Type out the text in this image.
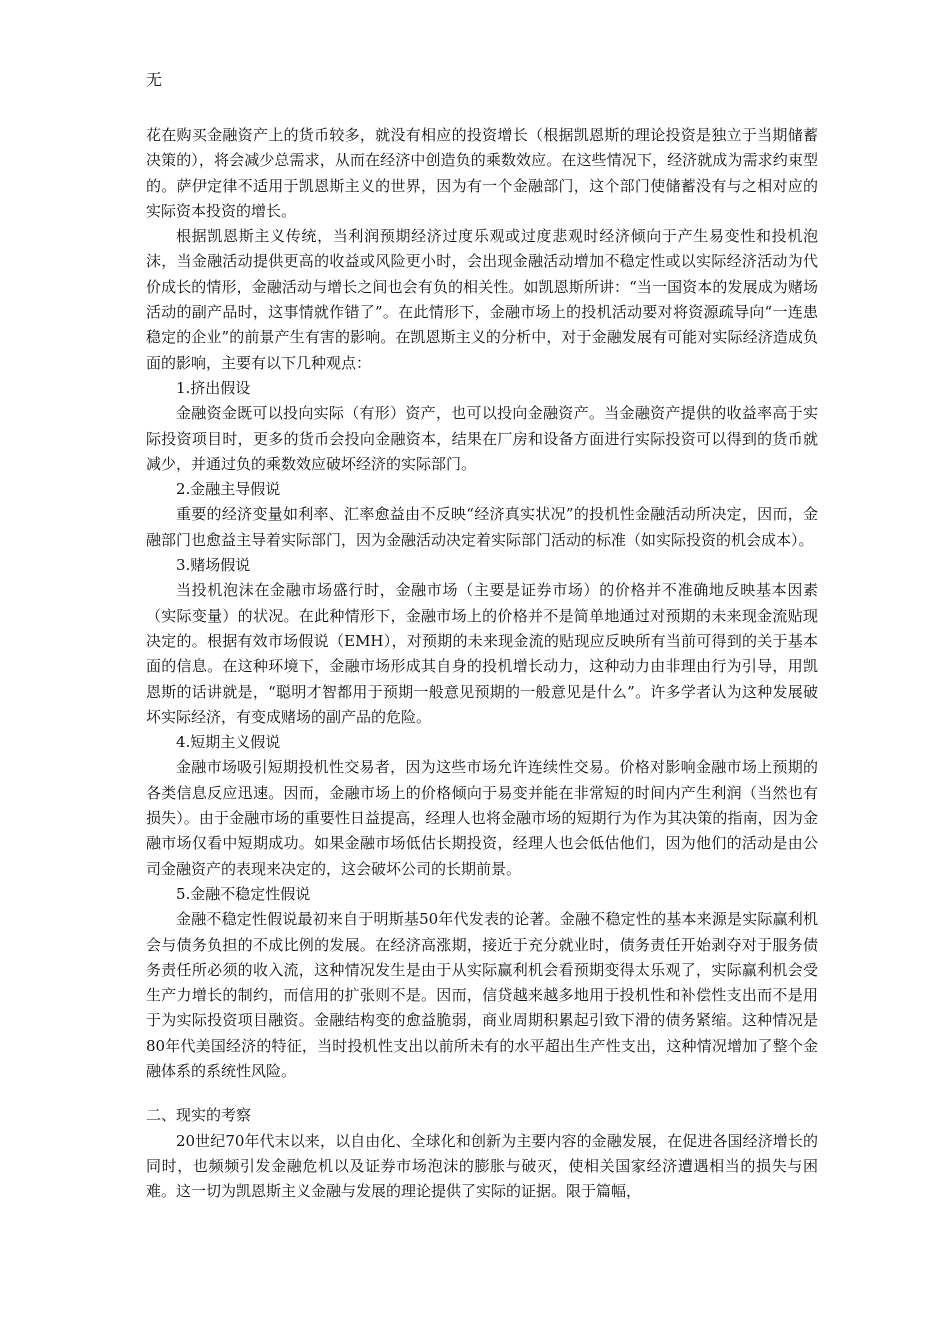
无

花在购买金融资产上的货币较多，就没有相应的投资增长（根据凯恩斯的理论投资是独立于当期储蓄决策的），将会减少总需求，从而在经济中创造负的乘数效应。在这些情况下，经济就成为需求约束型的。萨伊定律不适用于凯恩斯主义的世界，因为有一个金融部门，这个部门使储蓄没有与之相对应的实际资本投资的增长。

根据凯恩斯主义传统，当利润预期经济过度乐观或过度悲观时经济倾向于产生易变性和投机泡沫，当金融活动提供更高的收益或风险更小时，会出现金融活动增加不稳定性或以实际经济活动为代价成长的情形，金融活动与增长之间也会有负的相关性。如凯恩斯所讲：“当一国资本的发展成为赌场活动的副产品时，这事情就作错了”。在此情形下，金融市场上的投机活动要对将资源疏导向“一连患稳定的企业”的前景产生有害的影响。在凯恩斯主义的分析中，对于金融发展有可能对实际经济造成负面的影响，主要有以下几种观点：

1.挤出假设

金融资金既可以投向实际（有形）资产，也可以投向金融资产。当金融资产提供的收益率高于实际投资项目时，更多的货币会投向金融资本，结果在厂房和设备方面进行实际投资可以得到的货币就减少，并通过负的乘数效应破坏经济的实际部门。

2.金融主导假说

重要的经济变量如利率、汇率愈益由不反映“经济真实状况”的投机性金融活动所决定，因而，金融部门也愈益主导着实际部门，因为金融活动决定着实际部门活动的标准（如实际投资的机会成本）。

3.赌场假说

当投机泡沫在金融市场盛行时，金融市场（主要是证券市场）的价格并不准确地反映基本因素（实际变量）的状况。在此种情形下，金融市场上的价格并不是简单地通过对预期的未来现金流贴现决定的。根据有效市场假说（EMH），对预期的未来现金流的贴现应反映所有当前可得到的关于基本面的信息。在这种环境下，金融市场形成其自身的投机增长动力，这种动力由非理由行为引导，用凯恩斯的话讲就是，“聪明才智都用于预期一般意见预期的一般意见是什么”。许多学者认为这种发展破坏实际经济，有变成赌场的副产品的危险。

4.短期主义假说

金融市场吸引短期投机性交易者，因为这些市场允许连续性交易。价格对影响金融市场上预期的各类信息反应迅速。因而，金融市场上的价格倾向于易变并能在非常短的时间内产生利润（当然也有损失）。由于金融市场的重要性日益提高，经理人也将金融市场的短期行为作为其决策的指南，因为金融市场仅看中短期成功。如果金融市场低估长期投资，经理人也会低估他们，因为他们的活动是由公司金融资产的表现来决定的，这会破坏公司的长期前景。

5.金融不稳定性假说

金融不稳定性假说最初来自于明斯基50年代发表的论著。金融不稳定性的基本来源是实际赢利机会与债务负担的不成比例的发展。在经济高涨期，接近于充分就业时，债务责任开始剥夺对于服务债务责任所必须的收入流，这种情况发生是由于从实际赢利机会看预期变得太乐观了，实际赢利机会受生产力增长的制约，而信用的扩张则不是。因而，信贷越来越多地用于投机性和补偿性支出而不是用于为实际投资项目融资。金融结构变的愈益脆弱，商业周期积累起引致下滑的债务紧缩。这种情况是80年代美国经济的特征，当时投机性支出以前所未有的水平超出生产性支出，这种情况增加了整个金融体系的系统性风险。

二、现实的考察

20世纪70年代末以来，以自由化、全球化和创新为主要内容的金融发展，在促进各国经济增长的同时，也频频引发金融危机以及证券市场泡沫的膨胀与破灭，使相关国家经济遭遇相当的损失与困难。这一切为凯恩斯主义金融与发展的理论提供了实际的证据。限于篇幅，
